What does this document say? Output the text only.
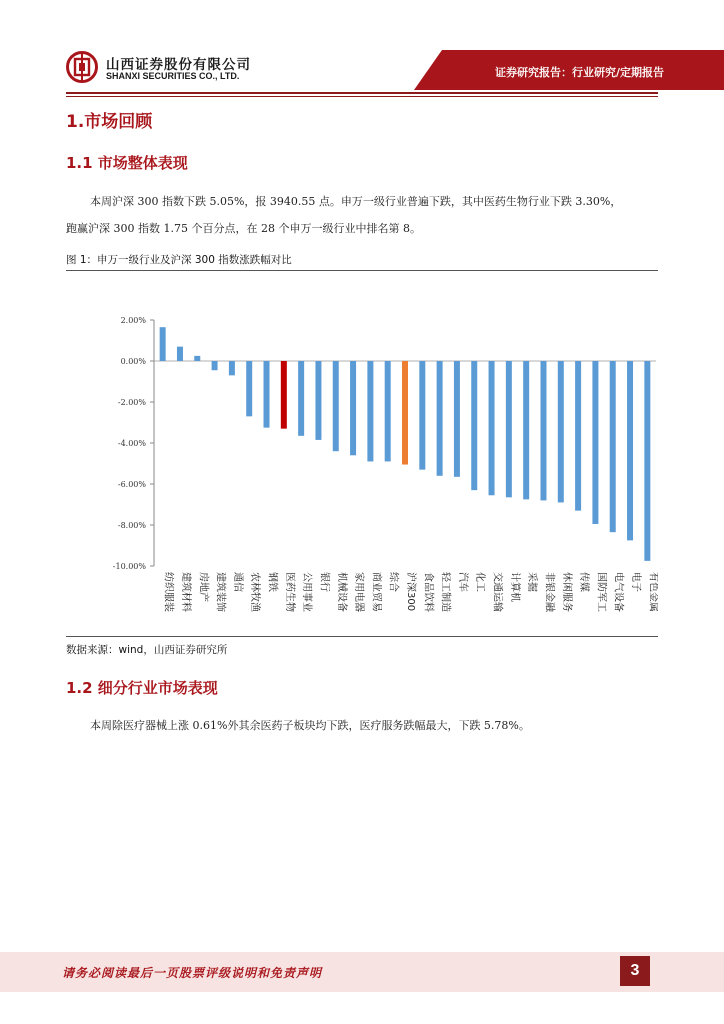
山西证券股份有限公司
SHANXI SECURITIES CO., LTD.	证券研究报告：行业研究/定期报告
1.市场回顾
1.1 市场整体表现
本周沪深 300 指数下跌 5.05%，报 3940.55 点。申万一级行业普遍下跌，其中医药生物行业下跌 3.30%，
跑赢沪深 300 指数 1.75 个百分点，在 28 个申万一级行业中排名第 8。
图 1：申万一级行业及沪深 300 指数涨跌幅对比
2.00%
0.00%
-2.00%
-4.00%
-6.00%
-8.00%
-10.00%
纺织服装 建筑材料 房地产 建筑装饰 通信 农林牧渔 钢铁 医药生物 公用事业 银行 机械设备 家用电器 商业贸易 综合 沪深300 食品饮料 轻工制造 汽车 化工 交通运输 计算机 采掘 非银金融 休闲服务 传媒 国防军工 电气设备 电子 有色金属
数据来源：wind，山西证券研究所
1.2 细分行业市场表现
本周除医疗器械上涨 0.61%外其余医药子板块均下跌，医疗服务跌幅最大，下跌 5.78%。
请务必阅读最后一页股票评级说明和免责声明	3
